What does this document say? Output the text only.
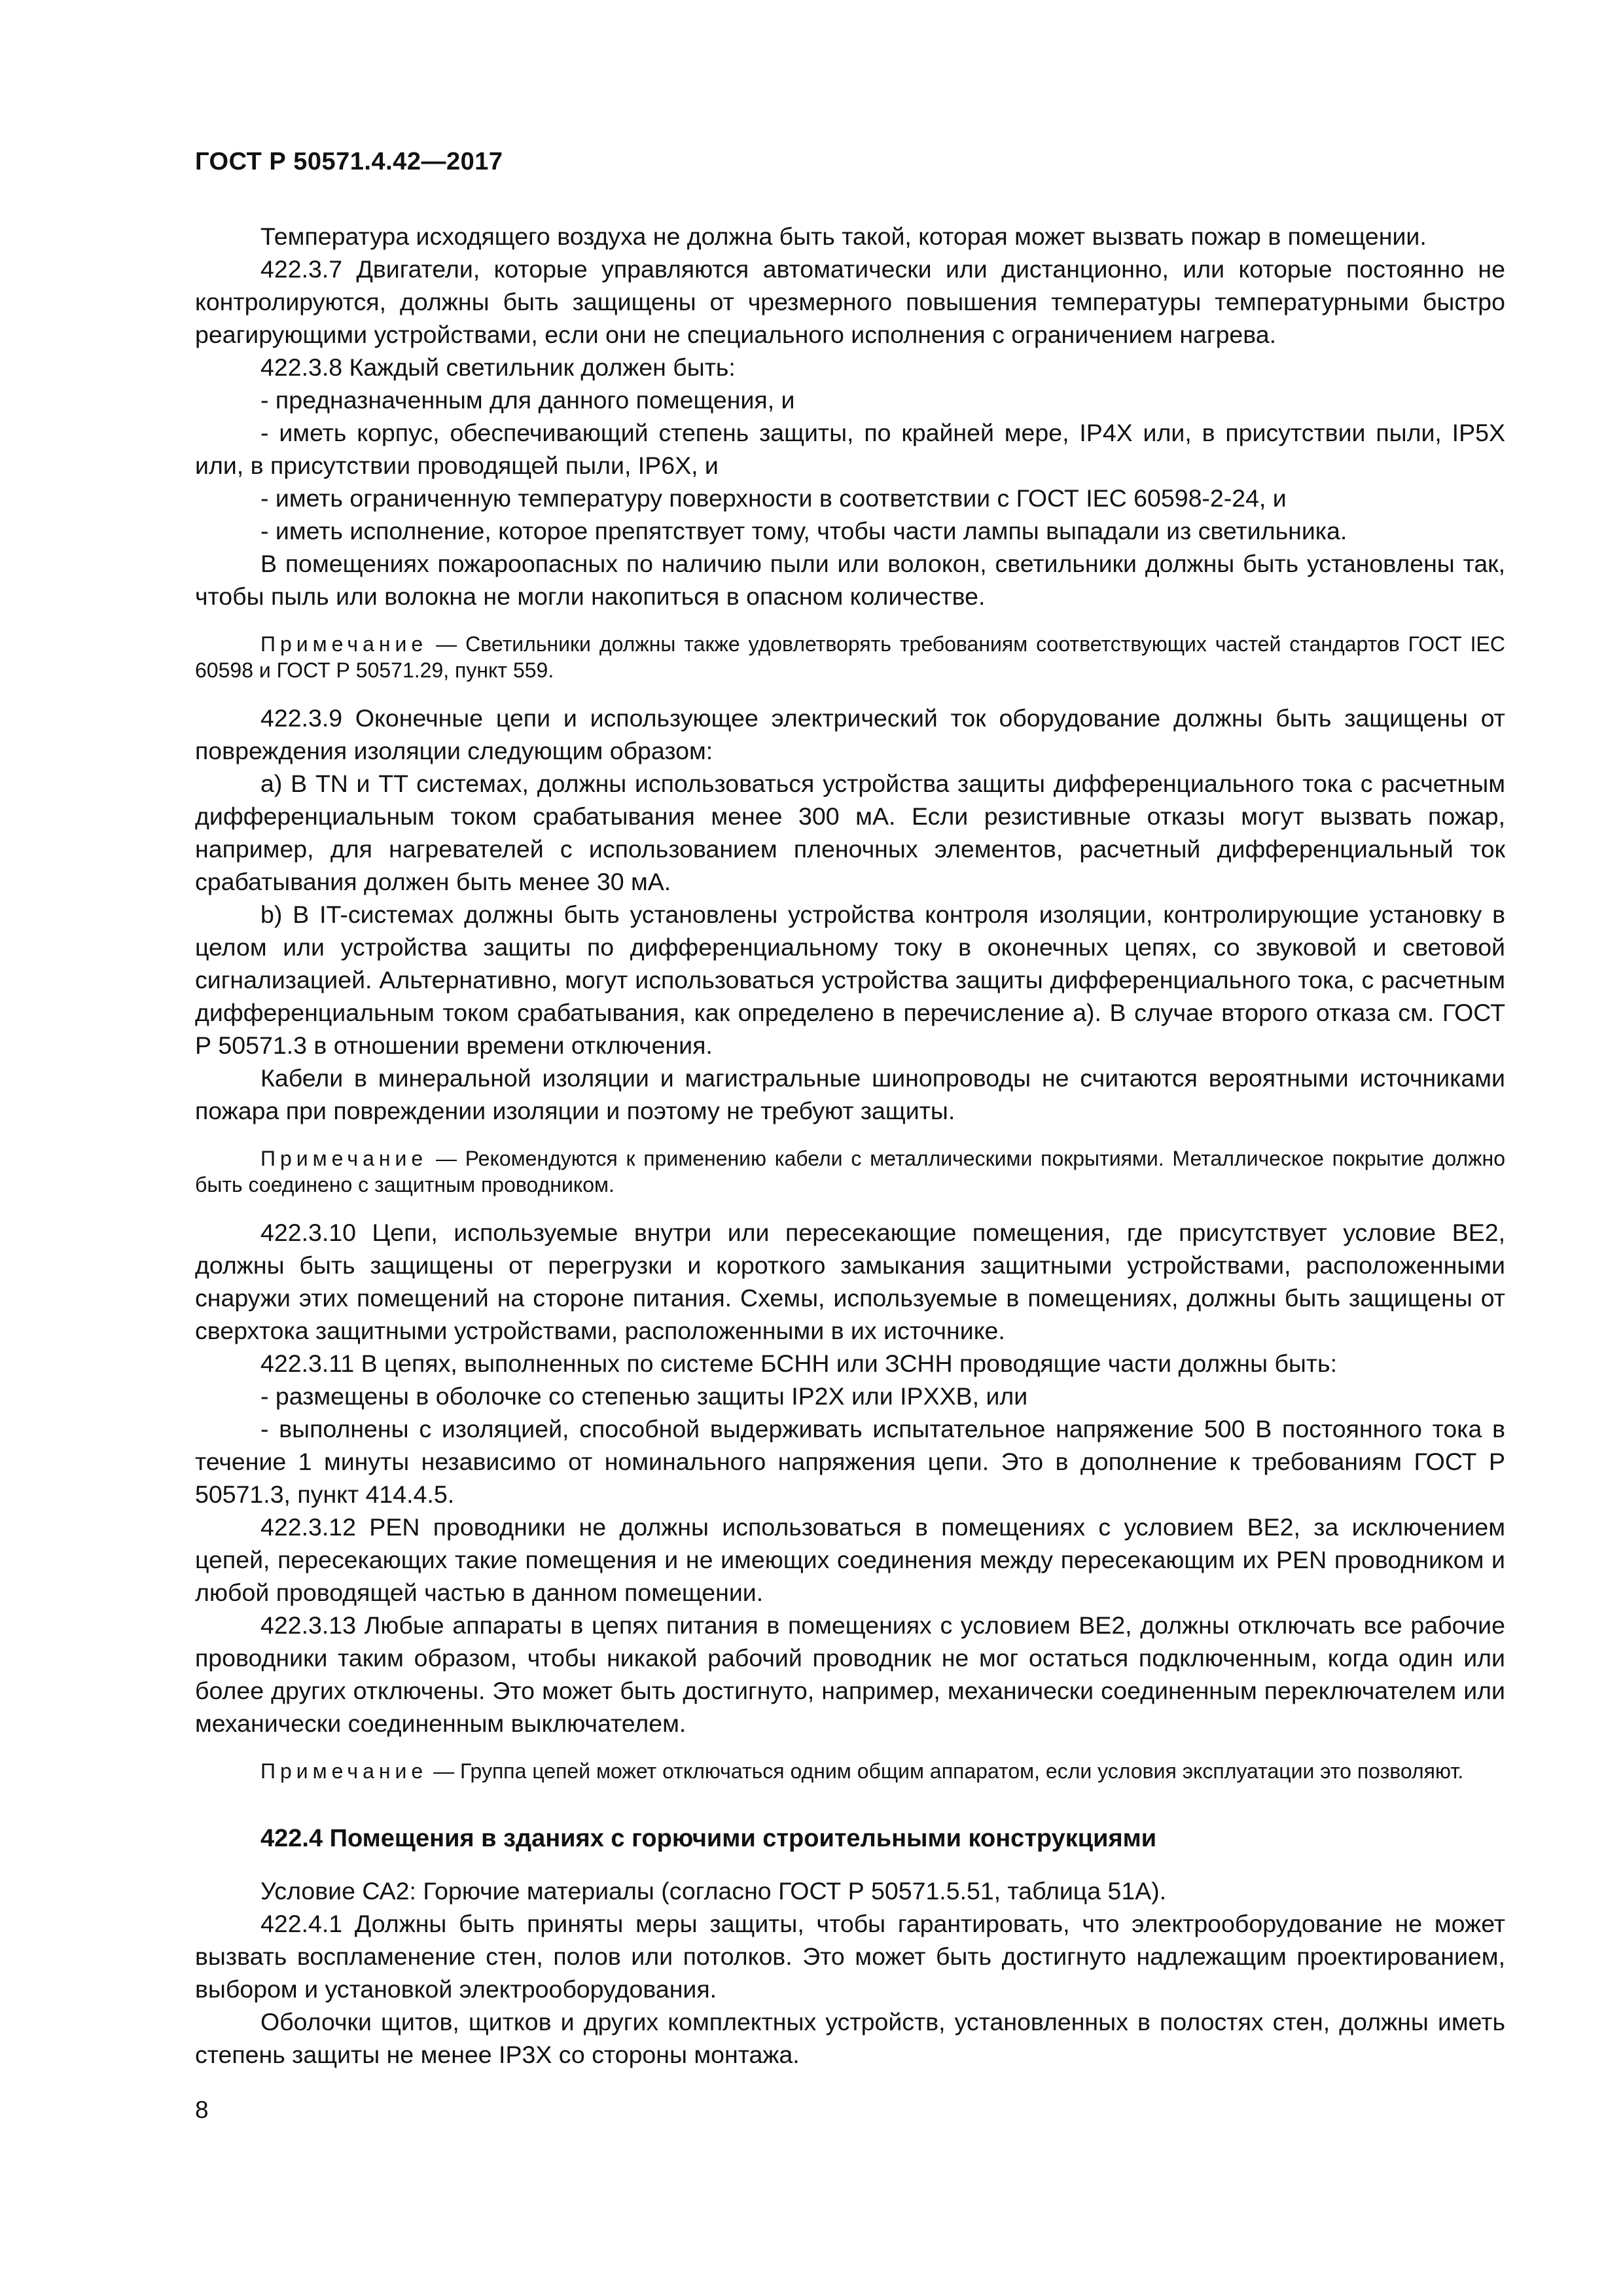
ГОСТ Р 50571.4.42—2017

Температура исходящего воздуха не должна быть такой, которая может вызвать пожар в помещении.

422.3.7 Двигатели, которые управляются автоматически или дистанционно, или которые постоянно не контролируются, должны быть защищены от чрезмерного повышения температуры температурными быстро реагирующими устройствами, если они не специального исполнения с ограничением нагрева.

422.3.8 Каждый светильник должен быть:

- предназначенным для данного помещения, и

- иметь корпус, обеспечивающий степень защиты, по крайней мере, IP4X или, в присутствии пыли, IP5X или, в присутствии проводящей пыли, IP6X, и

- иметь ограниченную температуру поверхности в соответствии с ГОСТ IEC 60598-2-24, и

- иметь исполнение, которое препятствует тому, чтобы части лампы выпадали из светильника.

В помещениях пожароопасных по наличию пыли или волокон, светильники должны быть установлены так, чтобы пыль или волокна не могли накопиться в опасном количестве.

Примечание — Светильники должны также удовлетворять требованиям соответствующих частей стандартов ГОСТ IEC 60598 и ГОСТ Р 50571.29, пункт 559.

422.3.9 Оконечные цепи и использующее электрический ток оборудование должны быть защищены от повреждения изоляции следующим образом:

a) В TN и TT системах, должны использоваться устройства защиты дифференциального тока с расчетным дифференциальным током срабатывания менее 300 мА. Если резистивные отказы могут вызвать пожар, например, для нагревателей с использованием пленочных элементов, расчетный дифференциальный ток срабатывания должен быть менее 30 мА.

b) В IT-системах должны быть установлены устройства контроля изоляции, контролирующие установку в целом или устройства защиты по дифференциальному току в оконечных цепях, со звуковой и световой сигнализацией. Альтернативно, могут использоваться устройства защиты дифференциального тока, с расчетным дифференциальным током срабатывания, как определено в перечисление а). В случае второго отказа см. ГОСТ Р 50571.3 в отношении времени отключения.

Кабели в минеральной изоляции и магистральные шинопроводы не считаются вероятными источниками пожара при повреждении изоляции и поэтому не требуют защиты.

Примечание — Рекомендуются к применению кабели с металлическими покрытиями. Металлическое покрытие должно быть соединено с защитным проводником.

422.3.10 Цепи, используемые внутри или пересекающие помещения, где присутствует условие BE2, должны быть защищены от перегрузки и короткого замыкания защитными устройствами, расположенными снаружи этих помещений на стороне питания. Схемы, используемые в помещениях, должны быть защищены от сверхтока защитными устройствами, расположенными в их источнике.

422.3.11 В цепях, выполненных по системе БСНН или ЗСНН проводящие части должны быть:

- размещены в оболочке со степенью защиты IP2X или IPXXB, или

- выполнены с изоляцией, способной выдерживать испытательное напряжение 500 В постоянного тока в течение 1 минуты независимо от номинального напряжения цепи. Это в дополнение к требованиям ГОСТ Р 50571.3, пункт 414.4.5.

422.3.12 PEN проводники не должны использоваться в помещениях с условием BE2, за исключением цепей, пересекающих такие помещения и не имеющих соединения между пересекающим их PEN проводником и любой проводящей частью в данном помещении.

422.3.13 Любые аппараты в цепях питания в помещениях с условием BE2, должны отключать все рабочие проводники таким образом, чтобы никакой рабочий проводник не мог остаться подключенным, когда один или более других отключены. Это может быть достигнуто, например, механически соединенным переключателем или механически соединенным выключателем.

Примечание — Группа цепей может отключаться одним общим аппаратом, если условия эксплуатации это позволяют.

422.4 Помещения в зданиях с горючими строительными конструкциями

Условие СА2: Горючие материалы (согласно ГОСТ Р 50571.5.51, таблица 51А).

422.4.1 Должны быть приняты меры защиты, чтобы гарантировать, что электрооборудование не может вызвать воспламенение стен, полов или потолков. Это может быть достигнуто надлежащим проектированием, выбором и установкой электрооборудования.

Оболочки щитов, щитков и других комплектных устройств, установленных в полостях стен, должны иметь степень защиты не менее IP3X со стороны монтажа.

8
